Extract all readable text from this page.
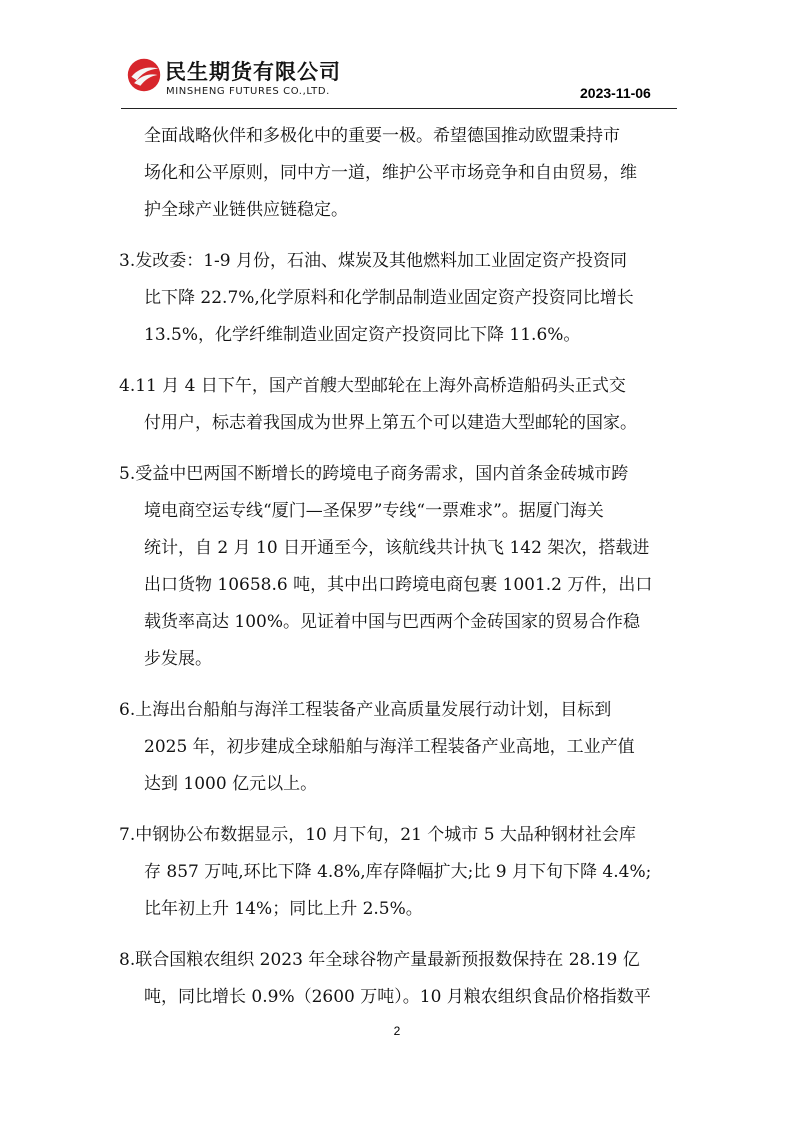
民生期货有限公司
MINSHENG FUTURES CO.,LTD.	2023-11-06
全面战略伙伴和多极化中的重要一极。希望德国推动欧盟秉持市
场化和公平原则，同中方一道，维护公平市场竞争和自由贸易，维
护全球产业链供应链稳定。
3.发改委：1-9 月份，石油、煤炭及其他燃料加工业固定资产投资同
比下降 22.7%,化学原料和化学制品制造业固定资产投资同比增长
13.5%，化学纤维制造业固定资产投资同比下降 11.6%。
4.11 月 4 日下午，国产首艘大型邮轮在上海外高桥造船码头正式交
付用户，标志着我国成为世界上第五个可以建造大型邮轮的国家。
5.受益中巴两国不断增长的跨境电子商务需求，国内首条金砖城市跨
境电商空运专线“厦门—圣保罗”专线“一票难求”。据厦门海关
统计，自 2 月 10 日开通至今，该航线共计执飞 142 架次，搭载进
出口货物 10658.6 吨，其中出口跨境电商包裹 1001.2 万件，出口
载货率高达 100%。见证着中国与巴西两个金砖国家的贸易合作稳
步发展。
6.上海出台船舶与海洋工程装备产业高质量发展行动计划，目标到
2025 年，初步建成全球船舶与海洋工程装备产业高地，工业产值
达到 1000 亿元以上。
7.中钢协公布数据显示，10 月下旬，21 个城市 5 大品种钢材社会库
存 857 万吨,环比下降 4.8%,库存降幅扩大;比 9 月下旬下降 4.4%;
比年初上升 14%；同比上升 2.5%。
8.联合国粮农组织 2023 年全球谷物产量最新预报数保持在 28.19 亿
吨，同比增长 0.9%（2600 万吨）。10 月粮农组织食品价格指数平
2
